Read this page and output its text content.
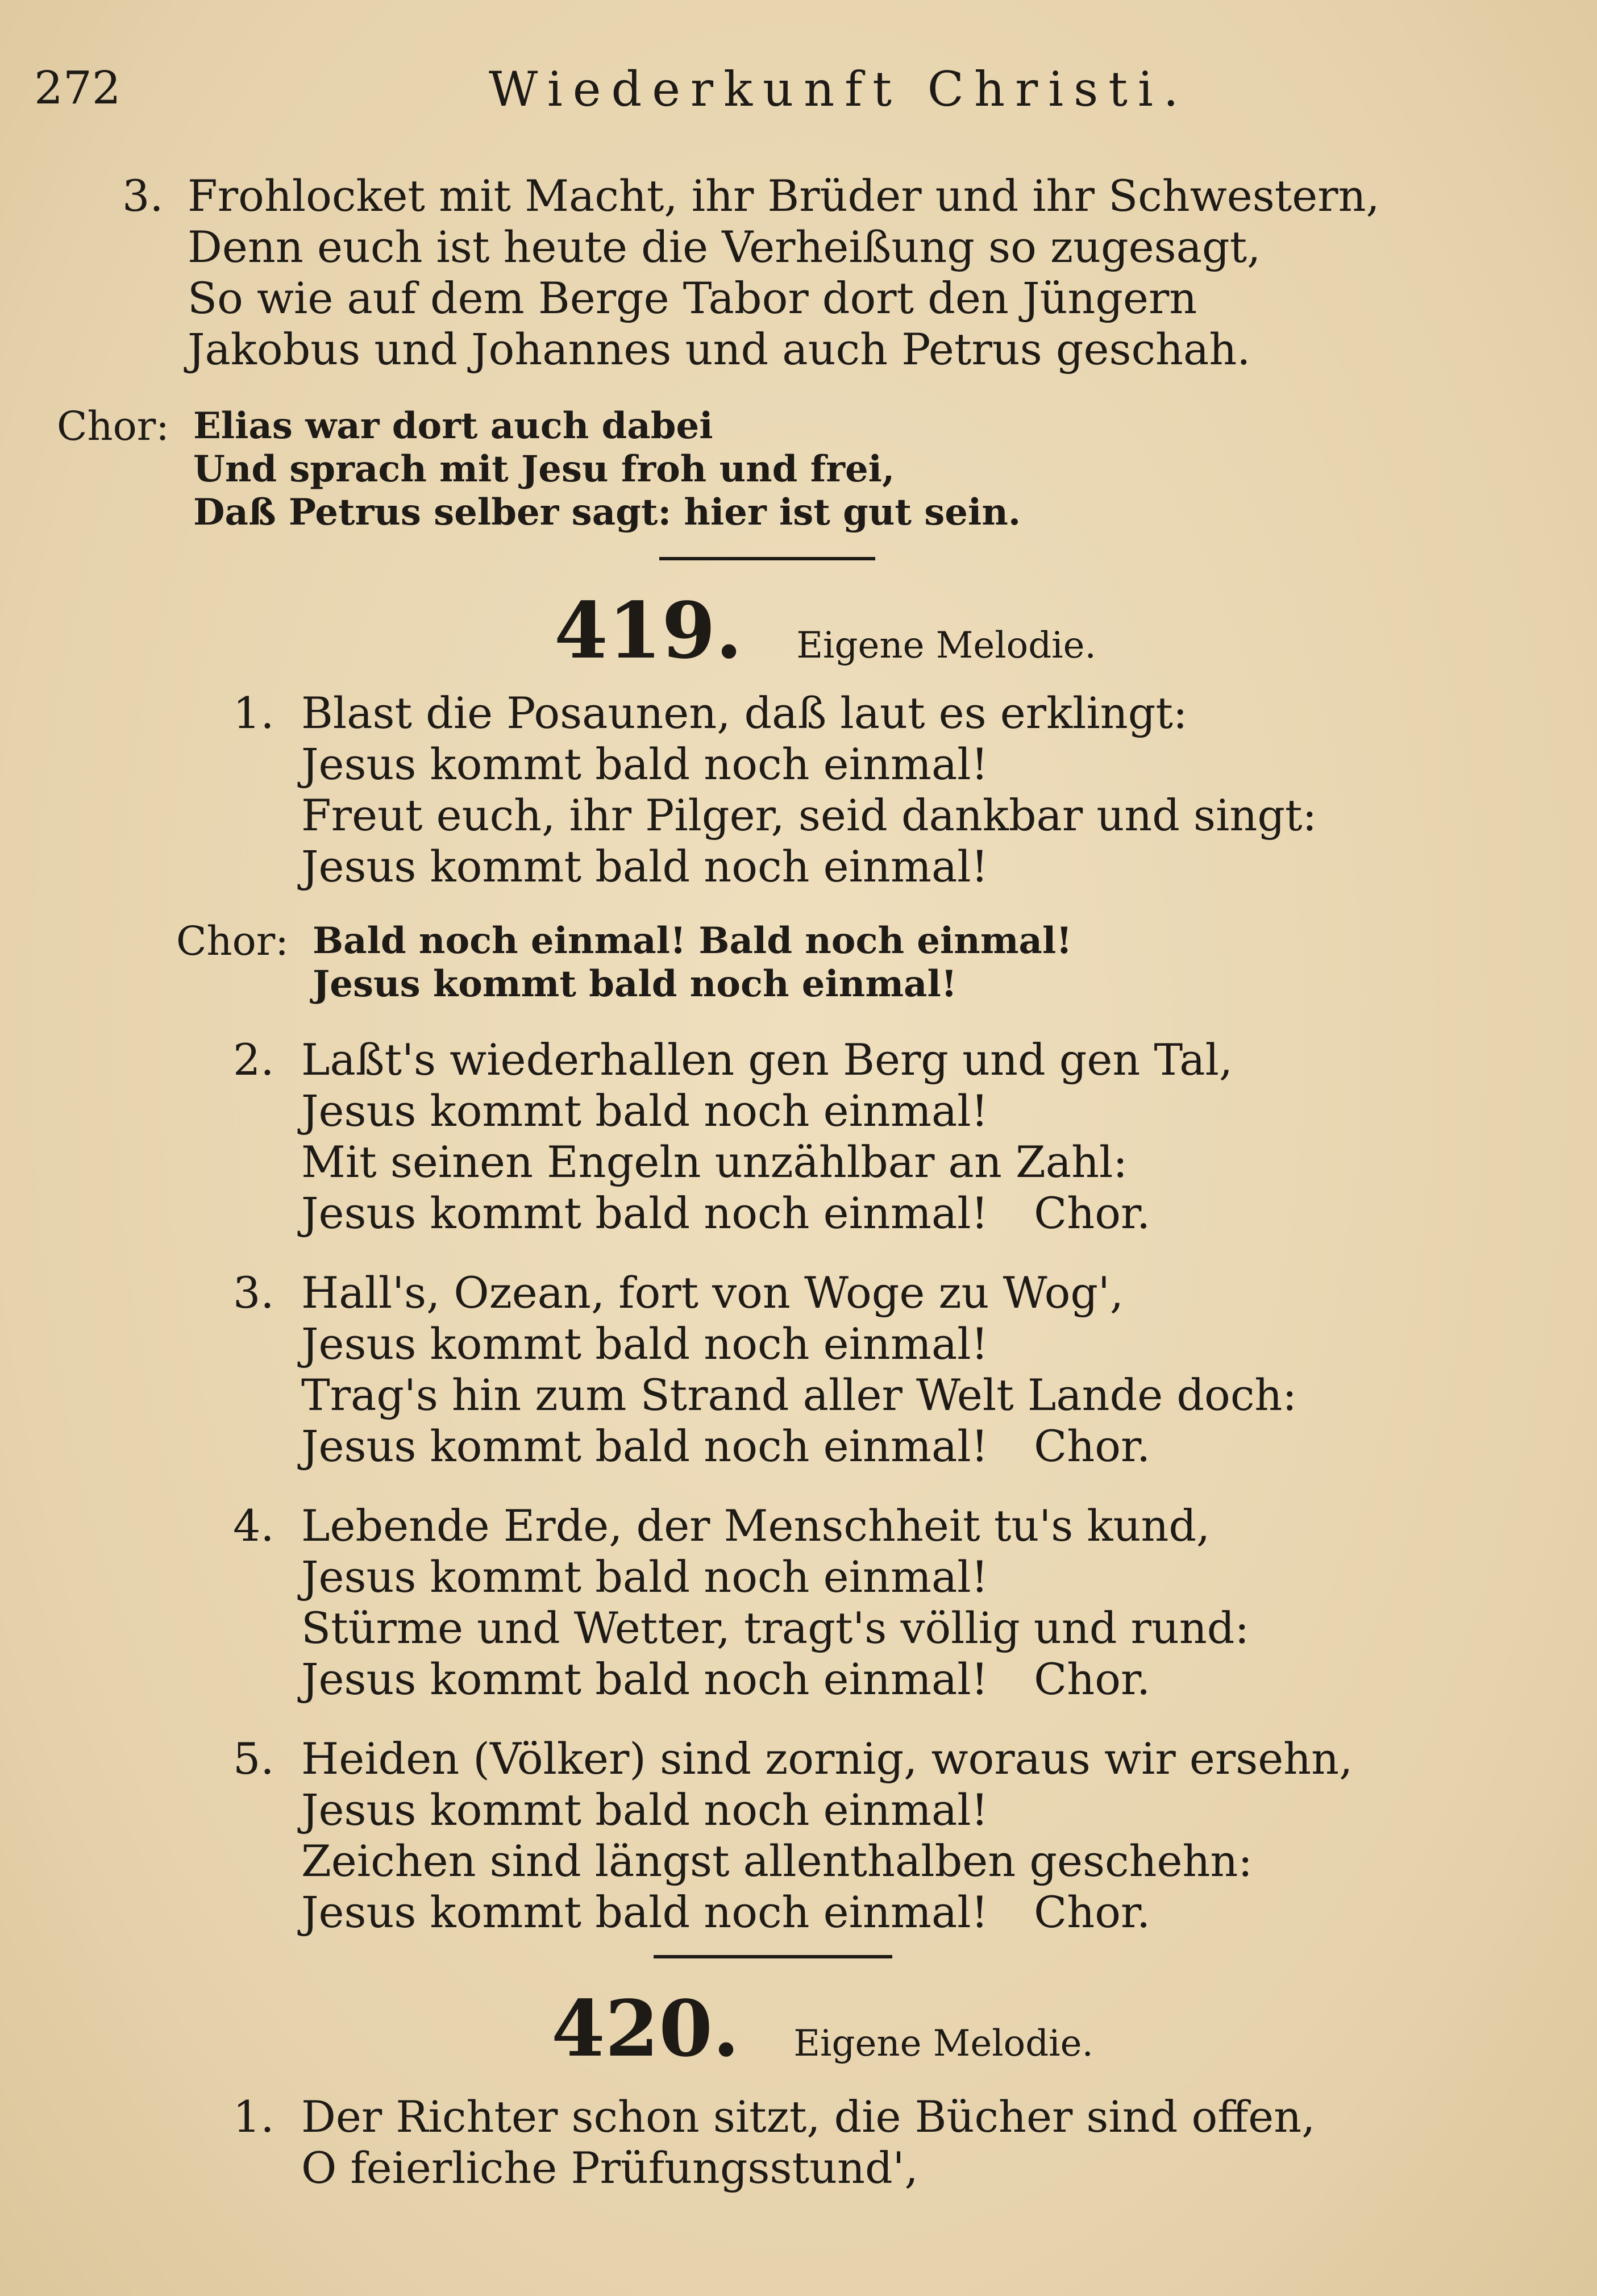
272	Wiederkunft Christi.
3. Frohlocket mit Macht, ihr Brüder und ihr Schwestern,
Denn euch ist heute die Verheißung so zugesagt,
So wie auf dem Berge Tabor dort den Jüngern
Jakobus und Johannes und auch Petrus geschah.
Chor: Elias war dort auch dabei
Und sprach mit Jesu froh und frei,
Daß Petrus selber sagt: hier ist gut sein.
419. Eigene Melodie.
1. Blast die Posaunen, daß laut es erklingt:
Jesus kommt bald noch einmal!
Freut euch, ihr Pilger, seid dankbar und singt:
Jesus kommt bald noch einmal!
Chor: Bald noch einmal! Bald noch einmal!
Jesus kommt bald noch einmal!
2. Laßt's wiederhallen gen Berg und gen Tal,
Jesus kommt bald noch einmal!
Mit seinen Engeln unzählbar an Zahl:
Jesus kommt bald noch einmal! Chor.
3. Hall's, Ozean, fort von Woge zu Wog',
Jesus kommt bald noch einmal!
Trag's hin zum Strand aller Welt Lande doch:
Jesus kommt bald noch einmal! Chor.
4. Lebende Erde, der Menschheit tu's kund,
Jesus kommt bald noch einmal!
Stürme und Wetter, tragt's völlig und rund:
Jesus kommt bald noch einmal! Chor.
5. Heiden (Völker) sind zornig, woraus wir ersehn,
Jesus kommt bald noch einmal!
Zeichen sind längst allenthalben geschehn:
Jesus kommt bald noch einmal! Chor.
420. Eigene Melodie.
1. Der Richter schon sitzt, die Bücher sind offen,
O feierliche Prüfungsstund',
